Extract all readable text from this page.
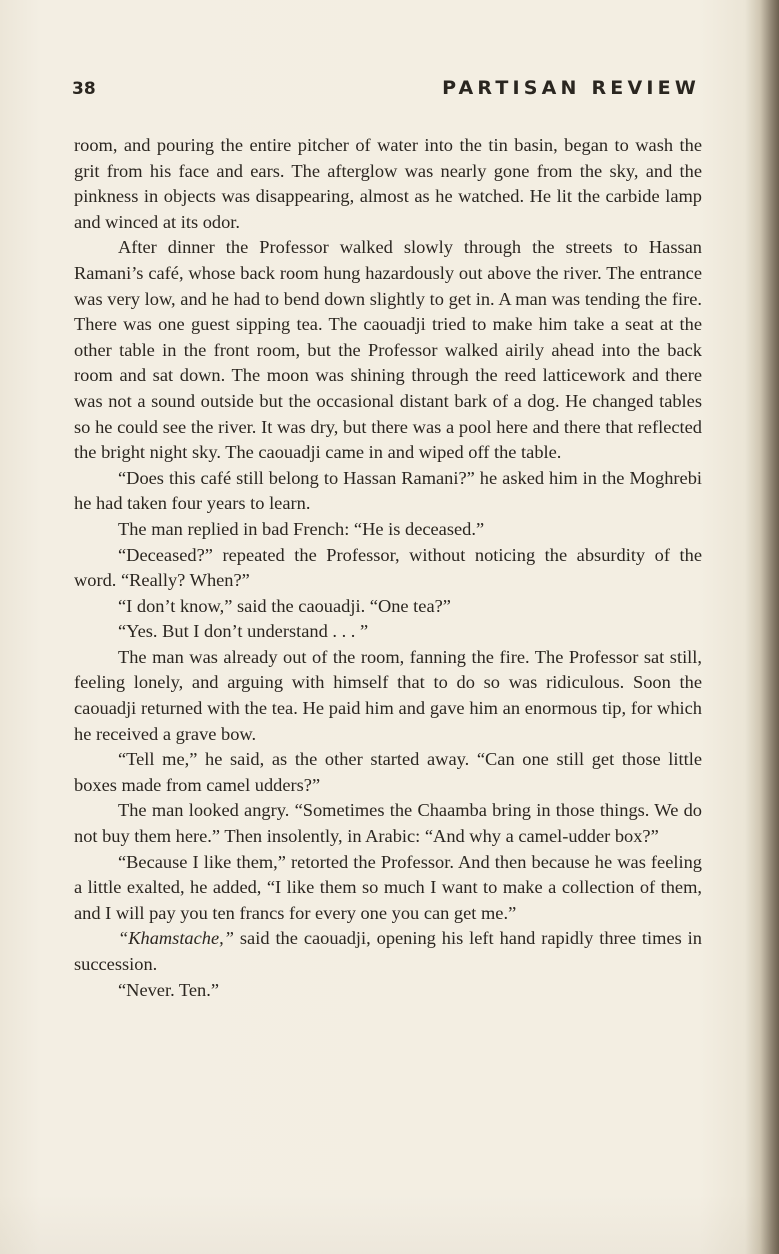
38	PARTISAN REVIEW

room, and pouring the entire pitcher of water into the tin basin, began to wash the grit from his face and ears. The afterglow was nearly gone from the sky, and the pinkness in objects was disappearing, almost as he watched. He lit the carbide lamp and winced at its odor.

After dinner the Professor walked slowly through the streets to Hassan Ramani’s café, whose back room hung hazardously out above the river. The entrance was very low, and he had to bend down slightly to get in. A man was tending the fire. There was one guest sipping tea. The caouadji tried to make him take a seat at the other table in the front room, but the Professor walked airily ahead into the back room and sat down. The moon was shining through the reed latticework and there was not a sound outside but the occasional distant bark of a dog. He changed tables so he could see the river. It was dry, but there was a pool here and there that reflected the bright night sky. The caouadji came in and wiped off the table.

“Does this café still belong to Hassan Ramani?” he asked him in the Moghrebi he had taken four years to learn.

The man replied in bad French: “He is deceased.”

“Deceased?” repeated the Professor, without noticing the absurdity of the word. “Really? When?”

“I don’t know,” said the caouadji. “One tea?”

“Yes. But I don’t understand . . . ”

The man was already out of the room, fanning the fire. The Professor sat still, feeling lonely, and arguing with himself that to do so was ridiculous. Soon the caouadji returned with the tea. He paid him and gave him an enormous tip, for which he received a grave bow.

“Tell me,” he said, as the other started away. “Can one still get those little boxes made from camel udders?”

The man looked angry. “Sometimes the Chaamba bring in those things. We do not buy them here.” Then insolently, in Arabic: “And why a camel-udder box?”

“Because I like them,” retorted the Professor. And then because he was feeling a little exalted, he added, “I like them so much I want to make a collection of them, and I will pay you ten francs for every one you can get me.”

“Khamstache,” said the caouadji, opening his left hand rapidly three times in succession.

“Never. Ten.”
